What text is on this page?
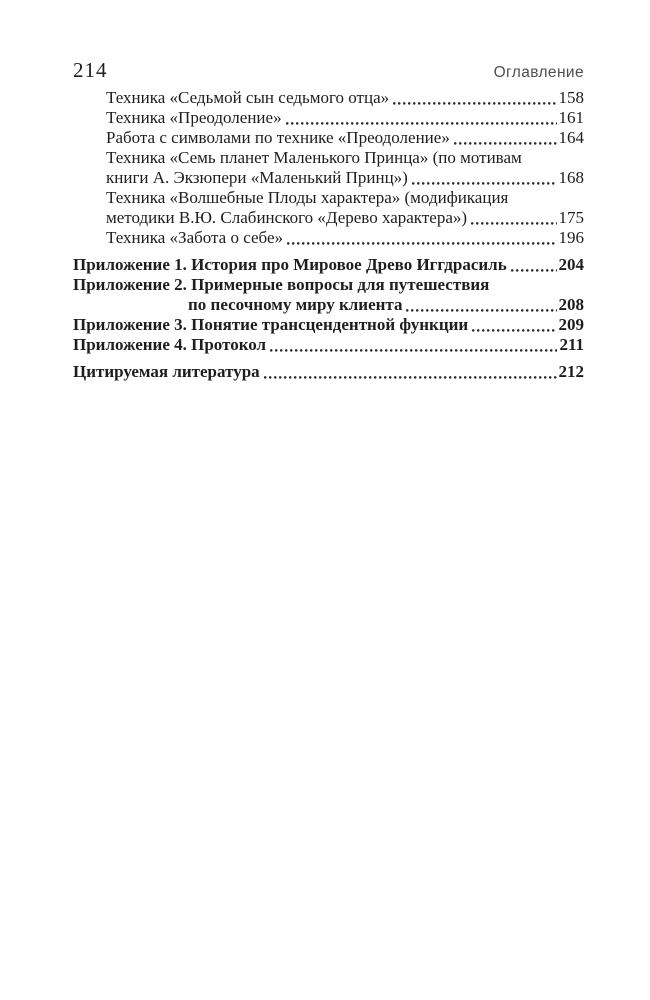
214	Оглавление
Техника «Седьмой сын седьмого отца»	158
Техника «Преодоление»	161
Работа с символами по технике «Преодоление»	164
Техника «Семь планет Маленького Принца» (по мотивам
книги А. Экзюпери «Маленький Принц»)	168
Техника «Волшебные Плоды характера» (модификация
методики В.Ю. Слабинского «Дерево характера»)	175
Техника «Забота о себе»	196
Приложение 1. История про Мировое Древо Иггдрасиль	204
Приложение 2. Примерные вопросы для путешествия
по песочному миру клиента	208
Приложение 3. Понятие трансцендентной функции	209
Приложение 4. Протокол	211
Цитируемая литература	212
